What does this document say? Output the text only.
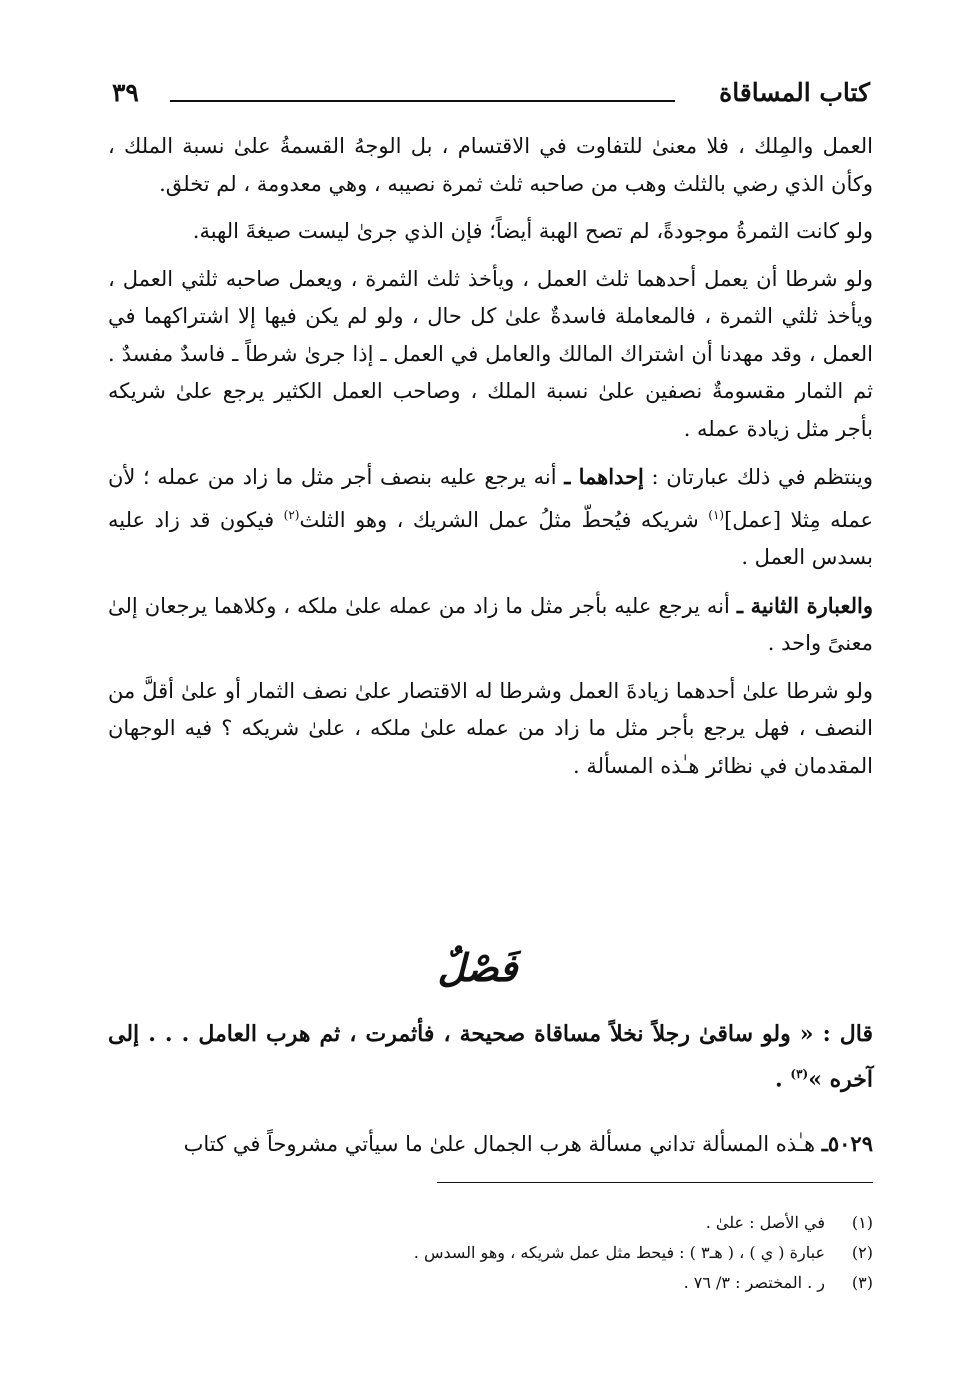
كتاب المساقاة
٣٩

العمل والمِلك ، فلا معنىٰ للتفاوت في الاقتسام ، بل الوجهُ القسمةُ علىٰ نسبة الملك ، وكأن الذي رضي بالثلث وهب من صاحبه ثلث ثمرة نصيبه ، وهي معدومة ، لم تخلق.

ولو كانت الثمرةُ موجودةً، لم تصح الهبة أيضاً؛ فإن الذي جرىٰ ليست صيغةَ الهبة.

ولو شرطا أن يعمل أحدهما ثلث العمل ، ويأخذ ثلث الثمرة ، ويعمل صاحبه ثلثي العمل ، ويأخذ ثلثي الثمرة ، فالمعاملة فاسدةٌ علىٰ كل حال ، ولو لم يكن فيها إلا اشتراكهما في العمل ، وقد مهدنا أن اشتراك المالك والعامل في العمل ـ إذا جرىٰ شرطاً ـ فاسدٌ مفسدٌ . ثم الثمار مقسومةٌ نصفين علىٰ نسبة الملك ، وصاحب العمل الكثير يرجع علىٰ شريكه بأجر مثل زيادة عمله .

وينتظم في ذلك عبارتان : إحداهما ـ أنه يرجع عليه بنصف أجر مثل ما زاد من عمله ؛ لأن عمله مِثلا [عمل]$^{(١)}$ شريكه فيُحطّ مثلُ عمل الشريك ، وهو الثلث$^{(٢)}$ فيكون قد زاد عليه بسدس العمل .

والعبارة الثانية ـ أنه يرجع عليه بأجر مثل ما زاد من عمله علىٰ ملكه ، وكلاهما يرجعان إلىٰ معنىً واحد .

ولو شرطا علىٰ أحدهما زيادةَ العمل وشرطا له الاقتصار علىٰ نصف الثمار أو علىٰ أقلَّ من النصف ، فهل يرجع بأجر مثل ما زاد من عمله علىٰ ملكه ، علىٰ شريكه ؟ فيه الوجهان المقدمان في نظائر هـٰذه المسألة .

فَصْلٌ

قال : « ولو ساقىٰ رجلاً نخلاً مساقاة صحيحة ، فأثمرت ، ثم هرب العامل . . . إلى آخره »$^{(٣)}$ .

٥٠٢٩ـ هـٰذه المسألة تداني مسألة هرب الجمال علىٰ ما سيأتي مشروحاً في كتاب

(١)في الأصل : علىٰ .
(٢)عبارة ( ي ) ، ( هـ٣ ) : فيحط مثل عمل شريكه ، وهو السدس .
(٣)ر . المختصر : ٣/ ٧٦ .
